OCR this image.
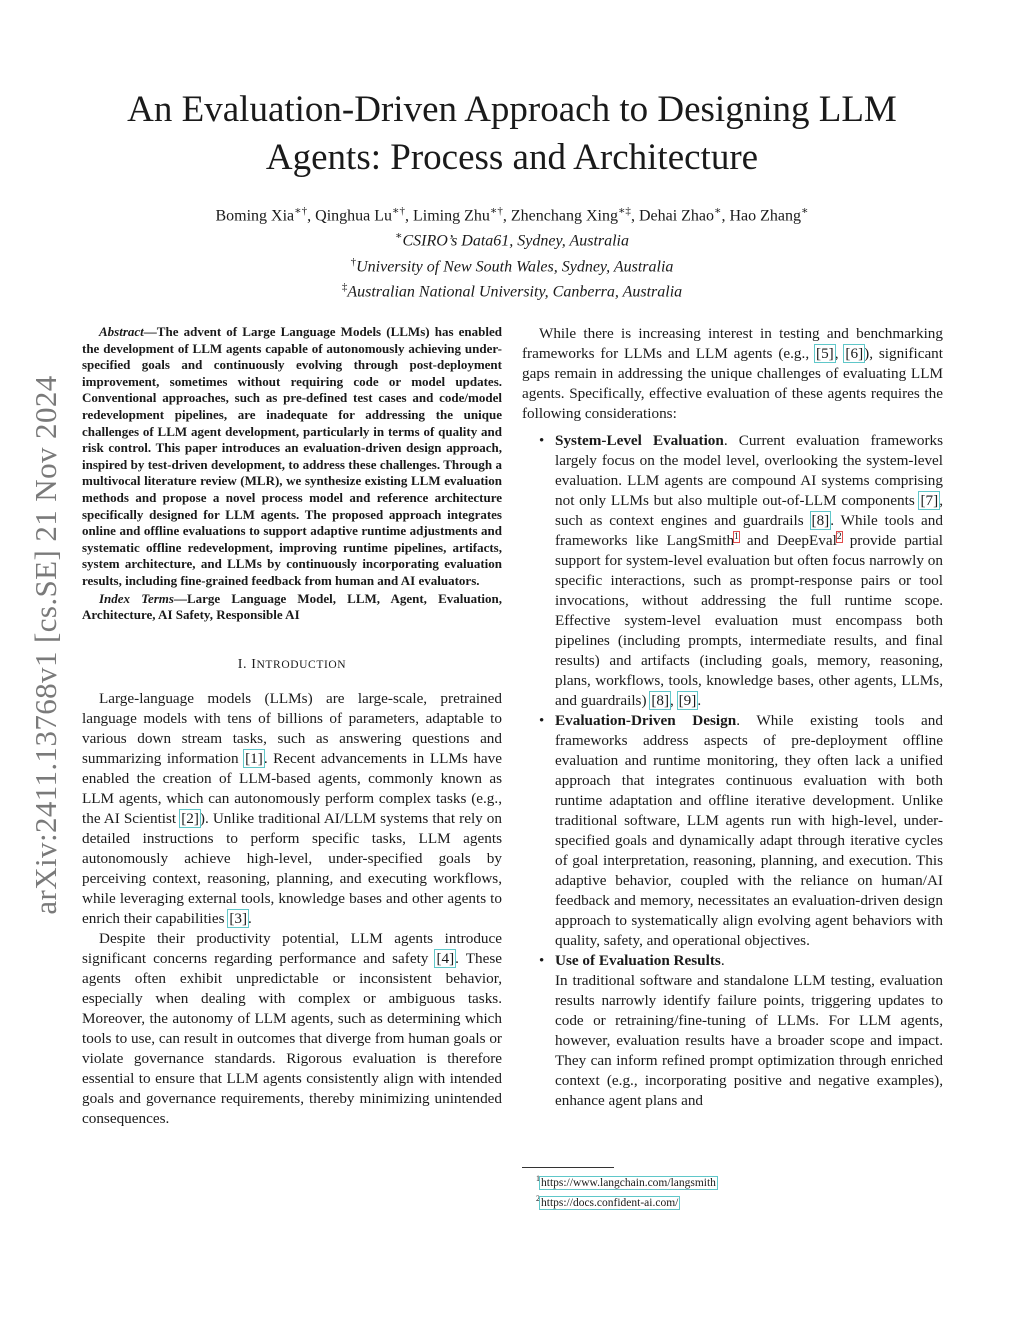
arXiv:2411.13768v1 [cs.SE] 21 Nov 2024
An Evaluation-Driven Approach to Designing LLM
Agents: Process and Architecture
Boming Xia∗†, Qinghua Lu∗†, Liming Zhu∗†, Zhenchang Xing∗‡, Dehai Zhao∗, Hao Zhang∗
∗CSIRO’s Data61, Sydney, Australia
†University of New South Wales, Sydney, Australia
‡Australian National University, Canberra, Australia

Abstract—The advent of Large Language Models (LLMs) has enabled the development of LLM agents capable of autonomously achieving under-specified goals and continuously evolving through post-deployment improvement, sometimes without requiring code or model updates. Conventional approaches, such as pre-defined test cases and code/model redevelopment pipelines, are inadequate for addressing the unique challenges of LLM agent development, particularly in terms of quality and risk control. This paper introduces an evaluation-driven design approach, inspired by test-driven development, to address these challenges. Through a multivocal literature review (MLR), we synthesize existing LLM evaluation methods and propose a novel process model and reference architecture specifically designed for LLM agents. The proposed approach integrates online and offline evaluations to support adaptive runtime adjustments and systematic offline redevelopment, improving runtime pipelines, artifacts, system architecture, and LLMs by continuously incorporating evaluation results, including fine-grained feedback from human and AI evaluators.

Index Terms—Large Language Model, LLM, Agent, Evaluation, Architecture, AI Safety, Responsible AI

I. INTRODUCTION

Large-language models (LLMs) are large-scale, pretrained language models with tens of billions of parameters, adaptable to various down stream tasks, such as answering questions and summarizing information [1]. Recent advancements in LLMs have enabled the creation of LLM-based agents, commonly known as LLM agents, which can autonomously perform complex tasks (e.g., the AI Scientist [2]). Unlike traditional AI/LLM systems that rely on detailed instructions to perform specific tasks, LLM agents autonomously achieve high-level, under-specified goals by perceiving context, reasoning, planning, and executing workflows, while leveraging external tools, knowledge bases and other agents to enrich their capabilities [3].

Despite their productivity potential, LLM agents introduce significant concerns regarding performance and safety [4]. These agents often exhibit unpredictable or inconsistent behavior, especially when dealing with complex or ambiguous tasks. Moreover, the autonomy of LLM agents, such as determining which tools to use, can result in outcomes that diverge from human goals or violate governance standards. Rigorous evaluation is therefore essential to ensure that LLM agents consistently align with intended goals and governance requirements, thereby minimizing unintended consequences.

While there is increasing interest in testing and benchmarking frameworks for LLMs and LLM agents (e.g., [5], [6]), significant gaps remain in addressing the unique challenges of evaluating LLM agents. Specifically, effective evaluation of these agents requires the following considerations:

• System-Level Evaluation. Current evaluation frameworks largely focus on the model level, overlooking the system-level evaluation. LLM agents are compound AI systems comprising not only LLMs but also multiple out-of-LLM components [7], such as context engines and guardrails [8]. While tools and frameworks like LangSmith$^1$ and DeepEval$^2$ provide partial support for system-level evaluation but often focus narrowly on specific interactions, such as prompt-response pairs or tool invocations, without addressing the full runtime scope. Effective system-level evaluation must encompass both pipelines (including prompts, intermediate results, and final results) and artifacts (including goals, memory, reasoning, plans, workflows, tools, knowledge bases, other agents, LLMs, and guardrails) [8], [9].
• Evaluation-Driven Design. While existing tools and frameworks address aspects of pre-deployment offline evaluation and runtime monitoring, they often lack a unified approach that integrates continuous evaluation with both runtime adaptation and offline iterative development. Unlike traditional software, LLM agents run with high-level, under-specified goals and dynamically adapt through iterative cycles of goal interpretation, reasoning, planning, and execution. This adaptive behavior, coupled with the reliance on human/AI feedback and memory, necessitates an evaluation-driven design approach to systematically align evolving agent behaviors with quality, safety, and operational objectives.
• Use of Evaluation Results.
In traditional software and standalone LLM testing, evaluation results narrowly identify failure points, triggering updates to code or retraining/fine-tuning of LLMs. For LLM agents, however, evaluation results have a broader scope and impact. They can inform refined prompt optimization through enriched context (e.g., incorporating positive and negative examples), enhance agent plans and
$^1$https://www.langchain.com/langsmith
$^2$https://docs.confident-ai.com/
